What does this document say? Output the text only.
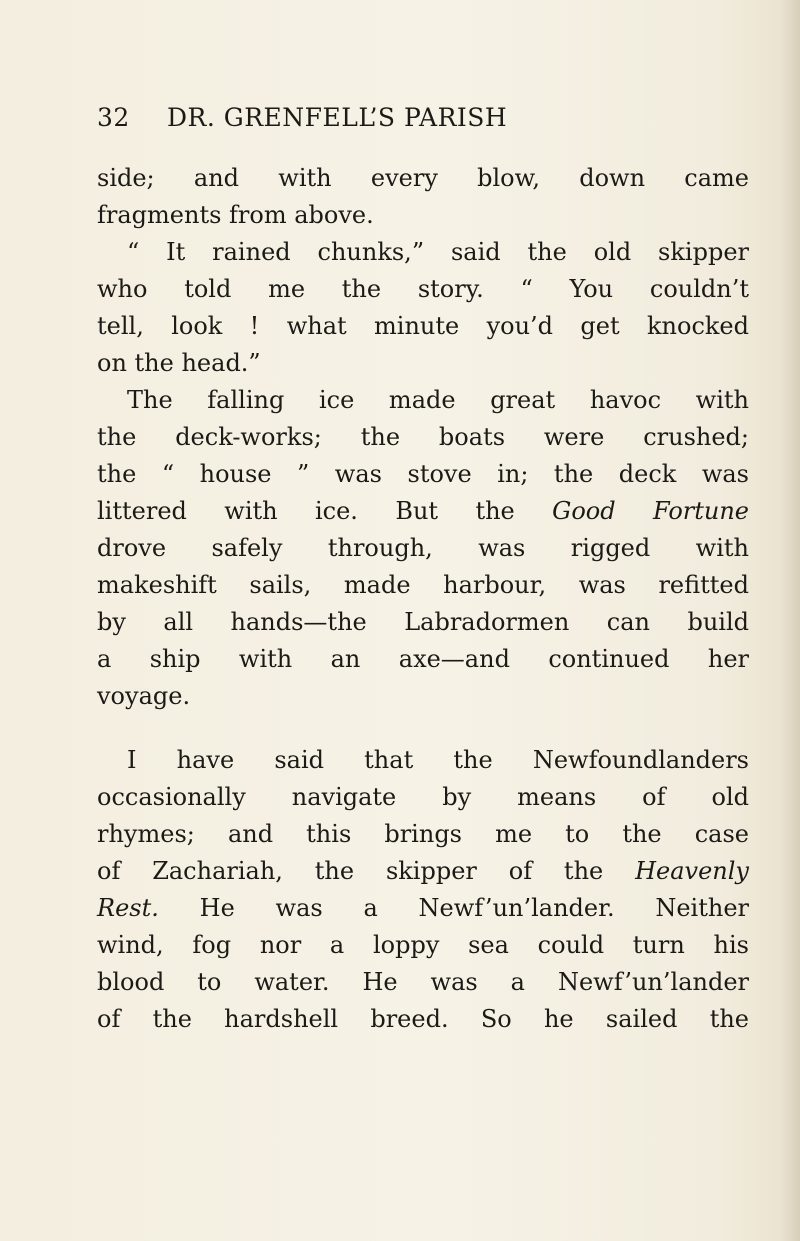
32 DR. GRENFELL’S PARISH
side; and with every blow, down came
fragments from above.
“ It rained chunks,” said the old skipper
who told me the story. “ You couldn’t
tell, look ! what minute you’d get knocked
on the head.”
The falling ice made great havoc with
the deck-works; the boats were crushed;
the “ house ” was stove in; the deck was
littered with ice. But the Good Fortune
drove safely through, was rigged with
makeshift sails, made harbour, was refitted
by all hands—the Labradormen can build
a ship with an axe—and continued her
voyage.
I have said that the Newfoundlanders
occasionally navigate by means of old
rhymes; and this brings me to the case
of Zachariah, the skipper of the Heavenly
Rest. He was a Newf’un’lander. Neither
wind, fog nor a loppy sea could turn his
blood to water. He was a Newf’un’lander
of the hardshell breed. So he sailed the
